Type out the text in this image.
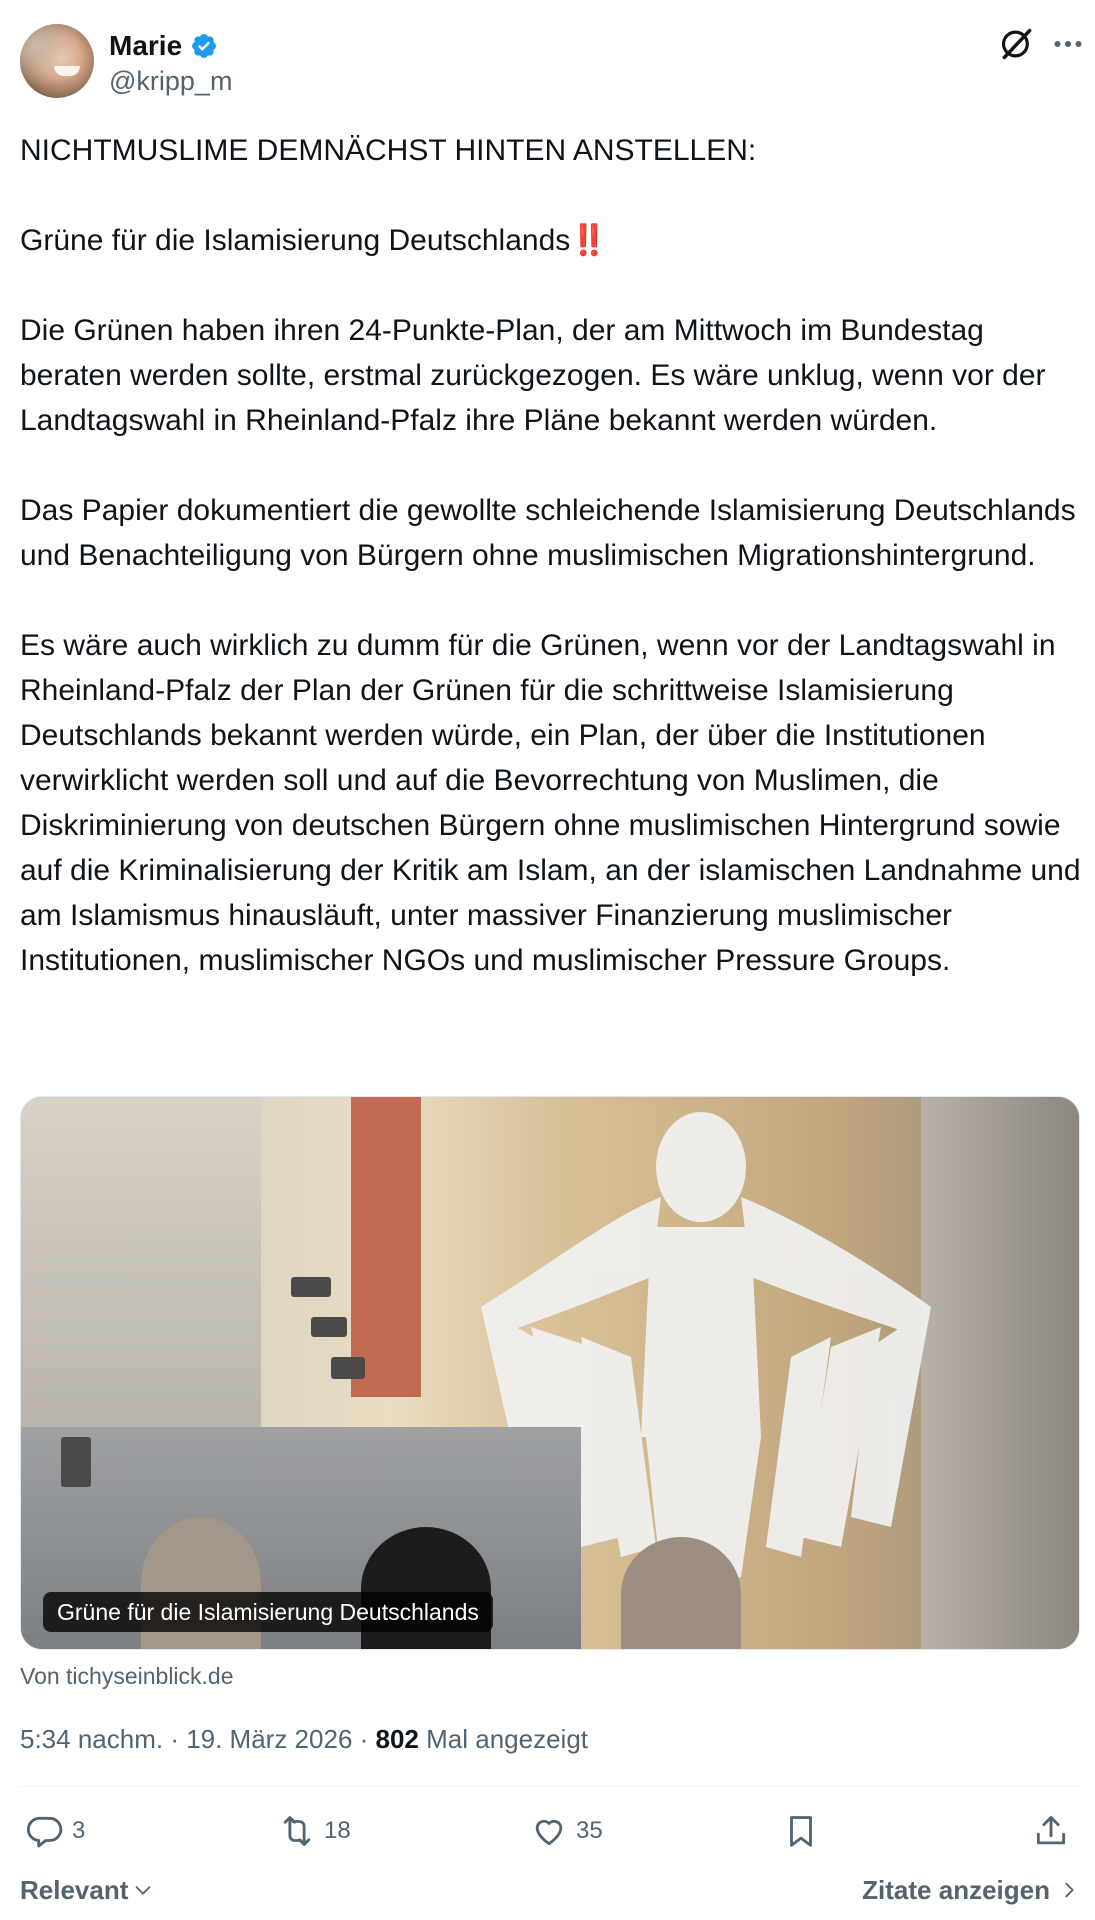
Marie
@kripp_m

NICHTMUSLIME DEMNÄCHST HINTEN ANSTELLEN:

Grüne für die Islamisierung Deutschlands‼️

Die Grünen haben ihren 24-Punkte-Plan, der am Mittwoch im Bundestag beraten werden sollte, erstmal zurückgezogen. Es wäre unklug, wenn vor der Landtagswahl in Rheinland-Pfalz ihre Pläne bekannt werden würden.

Das Papier dokumentiert die gewollte schleichende Islamisierung Deutschlands und Benachteiligung von Bürgern ohne muslimischen Migrationshintergrund.

Es wäre auch wirklich zu dumm für die Grünen, wenn vor der Landtagswahl in Rheinland-Pfalz der Plan der Grünen für die schrittweise Islamisierung Deutschlands bekannt werden würde, ein Plan, der über die Institutionen verwirklicht werden soll und auf die Bevorrechtung von Muslimen, die Diskriminierung von deutschen Bürgern ohne muslimischen Hintergrund sowie auf die Kriminalisierung der Kritik am Islam, an der islamischen Landnahme und am Islamismus hinausläuft, unter massiver Finanzierung muslimischer Institutionen, muslimischer NGOs und muslimischer Pressure Groups.

Grüne für die Islamisierung Deutschlands
Von tichyseinblick.de
5:34 nachm. · 19. März 2026 · 802 Mal angezeigt
3	18	35
Relevant	Zitate anzeigen
